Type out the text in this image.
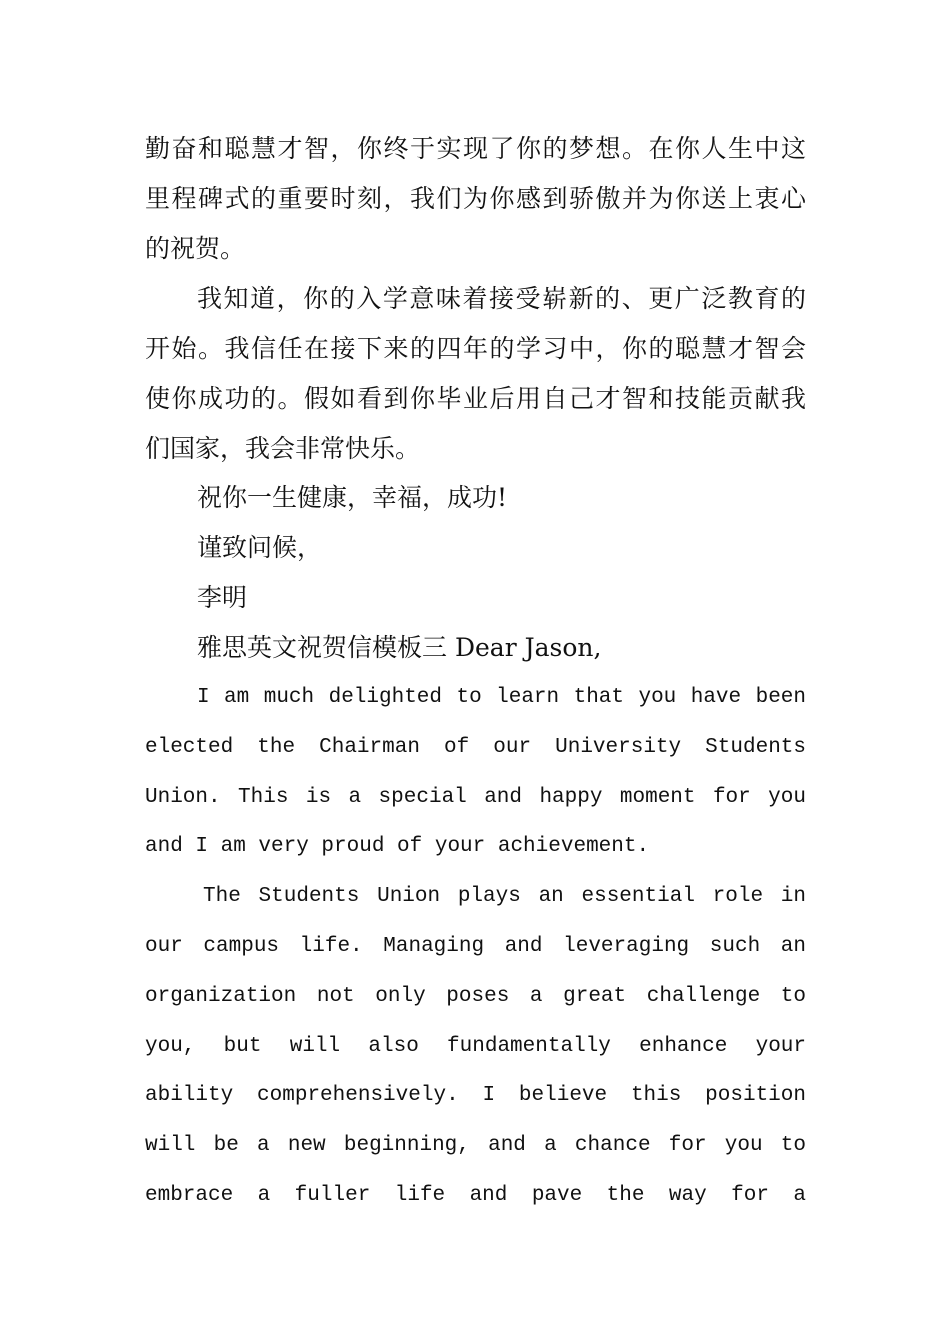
勤奋和聪慧才智，你终于实现了你的梦想。在你人生中这
里程碑式的重要时刻，我们为你感到骄傲并为你送上衷心
的祝贺。
我知道，你的入学意味着接受崭新的、更广泛教育的
开始。我信任在接下来的四年的学习中，你的聪慧才智会
使你成功的。假如看到你毕业后用自己才智和技能贡献我
们国家，我会非常快乐。
祝你一生健康，幸福，成功!
谨致问候，
李明
雅思英文祝贺信模板三 Dear Jason,
I am much delighted to learn that you have been
elected the Chairman of our University Students
Union. This is a special and happy moment for you
and I am very proud of your achievement.
The Students Union plays an essential role in
our campus life. Managing and leveraging such an
organization not only poses a great challenge to
you, but will also fundamentally enhance your
ability comprehensively. I believe this position
will be a new beginning, and a chance for you to
embrace a fuller life and pave the way for a
